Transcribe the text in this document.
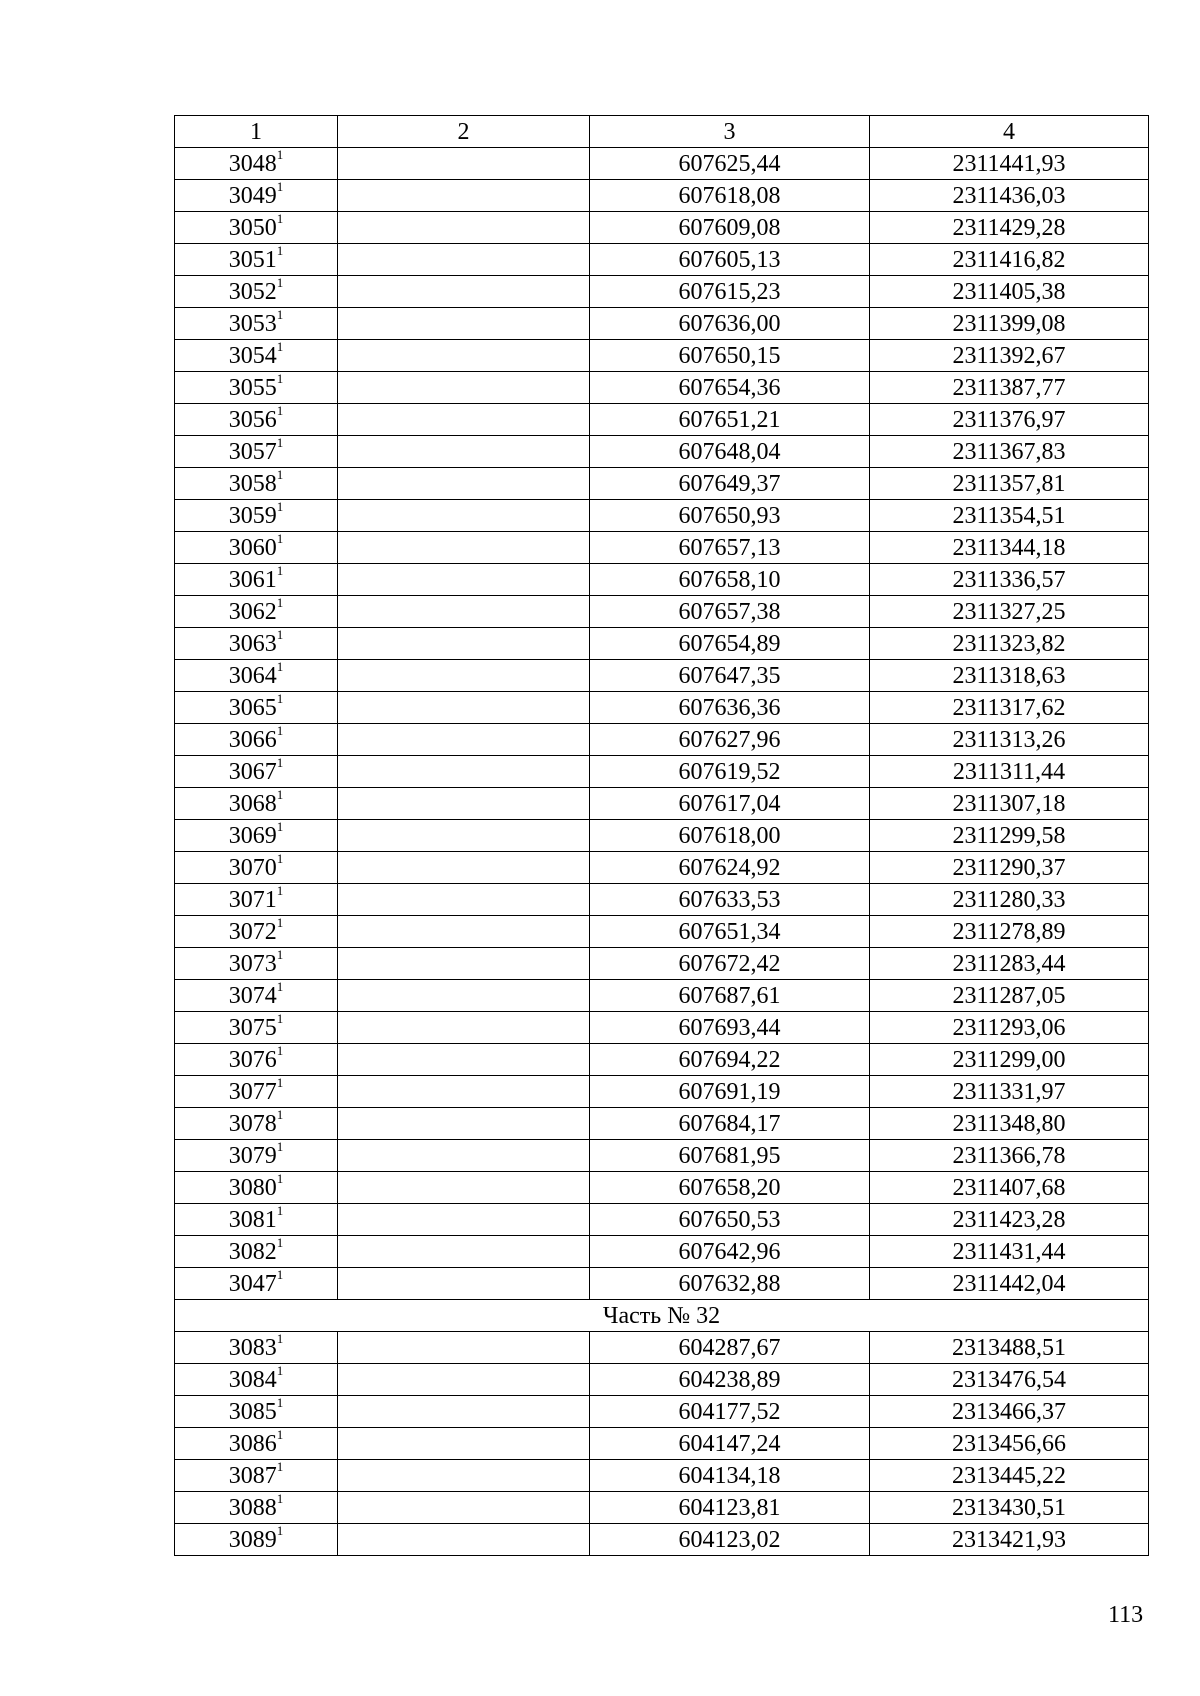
1	2	3	4
3048$^1$		607625,44	2311441,93
3049$^1$		607618,08	2311436,03
3050$^1$		607609,08	2311429,28
3051$^1$		607605,13	2311416,82
3052$^1$		607615,23	2311405,38
3053$^1$		607636,00	2311399,08
3054$^1$		607650,15	2311392,67
3055$^1$		607654,36	2311387,77
3056$^1$		607651,21	2311376,97
3057$^1$		607648,04	2311367,83
3058$^1$		607649,37	2311357,81
3059$^1$		607650,93	2311354,51
3060$^1$		607657,13	2311344,18
3061$^1$		607658,10	2311336,57
3062$^1$		607657,38	2311327,25
3063$^1$		607654,89	2311323,82
3064$^1$		607647,35	2311318,63
3065$^1$		607636,36	2311317,62
3066$^1$		607627,96	2311313,26
3067$^1$		607619,52	2311311,44
3068$^1$		607617,04	2311307,18
3069$^1$		607618,00	2311299,58
3070$^1$		607624,92	2311290,37
3071$^1$		607633,53	2311280,33
3072$^1$		607651,34	2311278,89
3073$^1$		607672,42	2311283,44
3074$^1$		607687,61	2311287,05
3075$^1$		607693,44	2311293,06
3076$^1$		607694,22	2311299,00
3077$^1$		607691,19	2311331,97
3078$^1$		607684,17	2311348,80
3079$^1$		607681,95	2311366,78
3080$^1$		607658,20	2311407,68
3081$^1$		607650,53	2311423,28
3082$^1$		607642,96	2311431,44
3047$^1$		607632,88	2311442,04
Часть № 32			
3083$^1$		604287,67	2313488,51
3084$^1$		604238,89	2313476,54
3085$^1$		604177,52	2313466,37
3086$^1$		604147,24	2313456,66
3087$^1$		604134,18	2313445,22
3088$^1$		604123,81	2313430,51
3089$^1$		604123,02	2313421,93
113
